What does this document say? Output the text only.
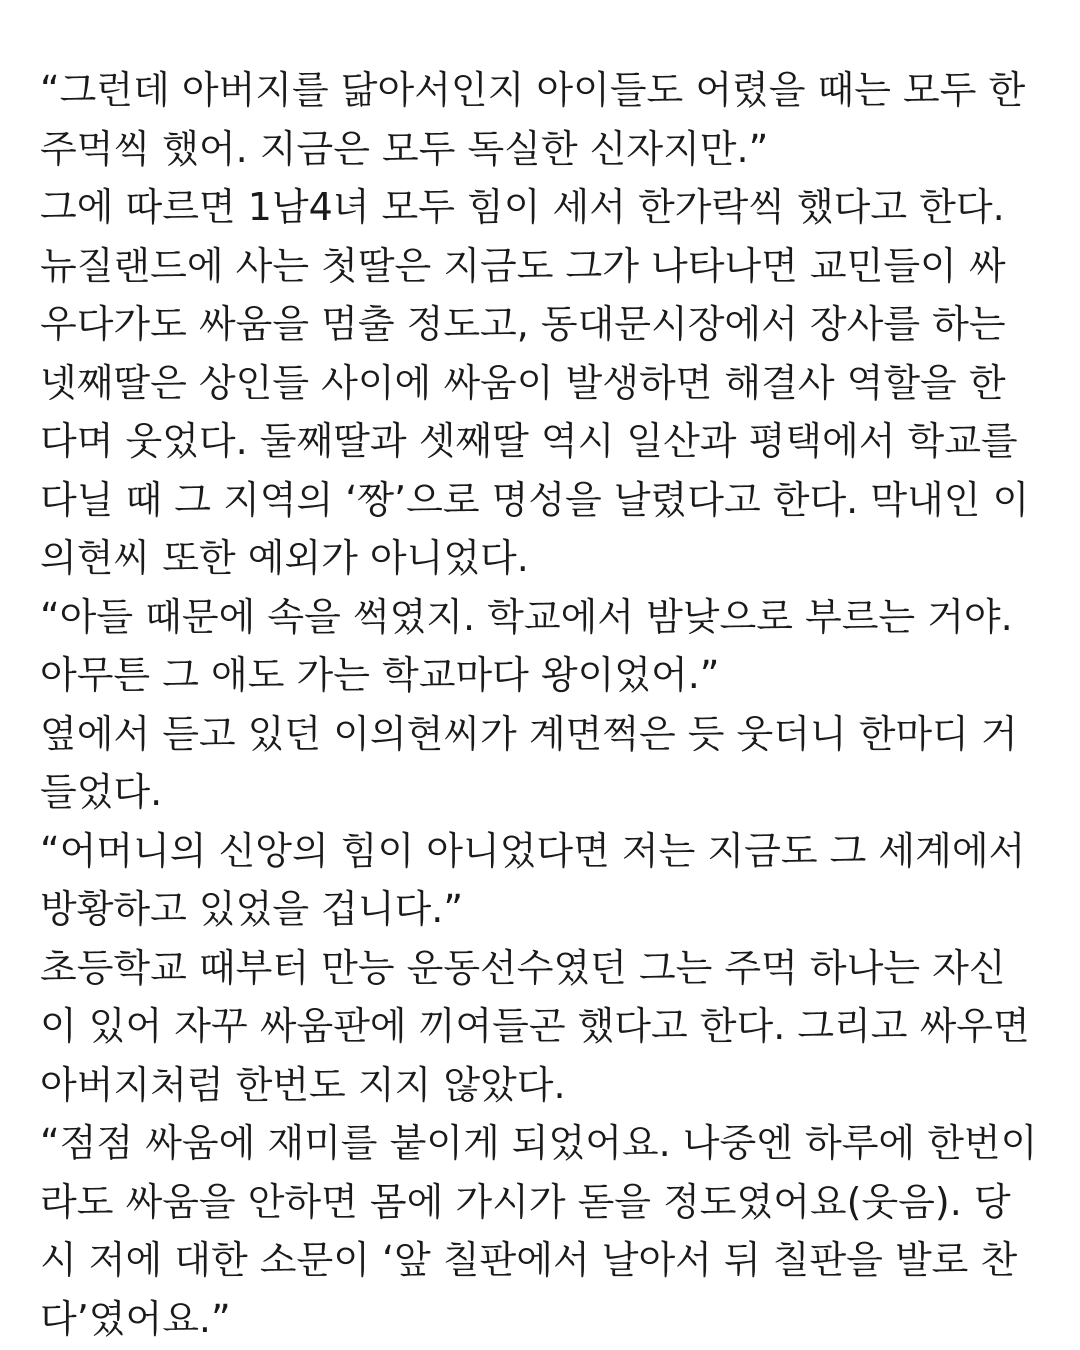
“그런데 아버지를 닮아서인지 아이들도 어렸을 때는 모두 한
주먹씩 했어. 지금은 모두 독실한 신자지만.”
그에 따르면 1남4녀 모두 힘이 세서 한가락씩 했다고 한다.
뉴질랜드에 사는 첫딸은 지금도 그가 나타나면 교민들이 싸
우다가도 싸움을 멈출 정도고, 동대문시장에서 장사를 하는
넷째딸은 상인들 사이에 싸움이 발생하면 해결사 역할을 한
다며 웃었다. 둘째딸과 셋째딸 역시 일산과 평택에서 학교를
다닐 때 그 지역의 ‘짱’으로 명성을 날렸다고 한다. 막내인 이
의현씨 또한 예외가 아니었다.
“아들 때문에 속을 썩였지. 학교에서 밤낮으로 부르는 거야.
아무튼 그 애도 가는 학교마다 왕이었어.”
옆에서 듣고 있던 이의현씨가 계면쩍은 듯 웃더니 한마디 거
들었다.
“어머니의 신앙의 힘이 아니었다면 저는 지금도 그 세계에서
방황하고 있었을 겁니다.”
초등학교 때부터 만능 운동선수였던 그는 주먹 하나는 자신
이 있어 자꾸 싸움판에 끼여들곤 했다고 한다. 그리고 싸우면
아버지처럼 한번도 지지 않았다.
“점점 싸움에 재미를 붙이게 되었어요. 나중엔 하루에 한번이
라도 싸움을 안하면 몸에 가시가 돋을 정도였어요(웃음). 당
시 저에 대한 소문이 ‘앞 칠판에서 날아서 뒤 칠판을 발로 찬
다’였어요.”
